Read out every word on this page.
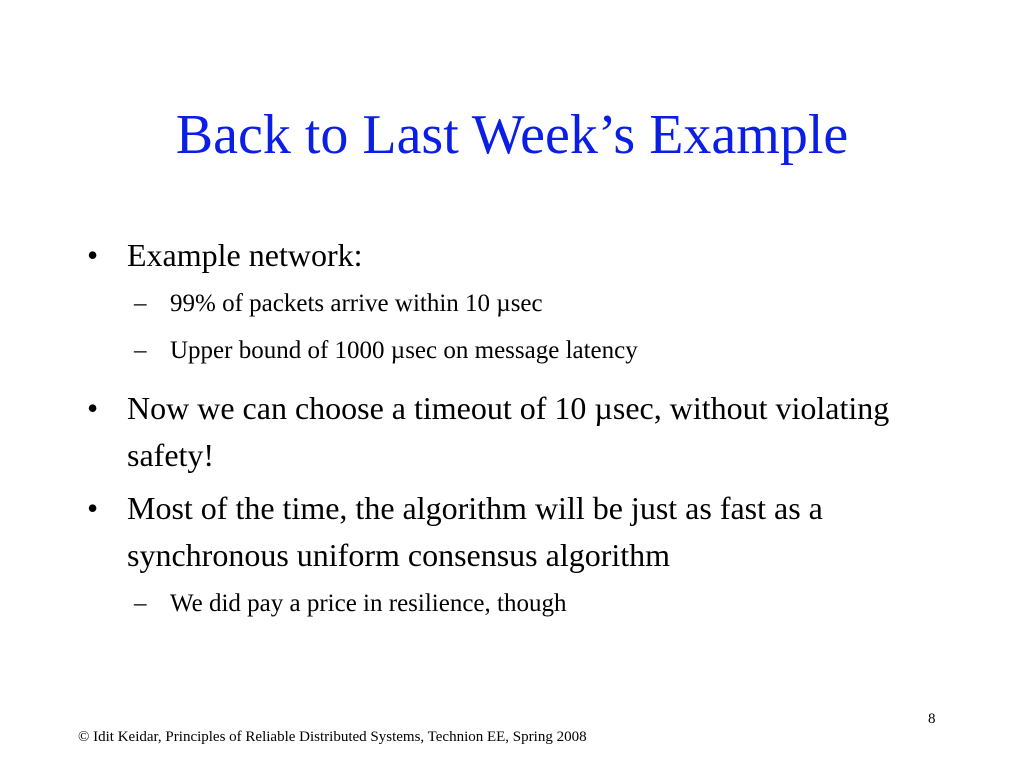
Back to Last Week’s Example
• Example network:
– 99% of packets arrive within 10 µsec
– Upper bound of 1000 µsec on message latency
• Now we can choose a timeout of 10 µsec, without violating safety!
• Most of the time, the algorithm will be just as fast as a synchronous uniform consensus algorithm
– We did pay a price in resilience, though
8
© Idit Keidar, Principles of Reliable Distributed Systems, Technion EE, Spring 2008
